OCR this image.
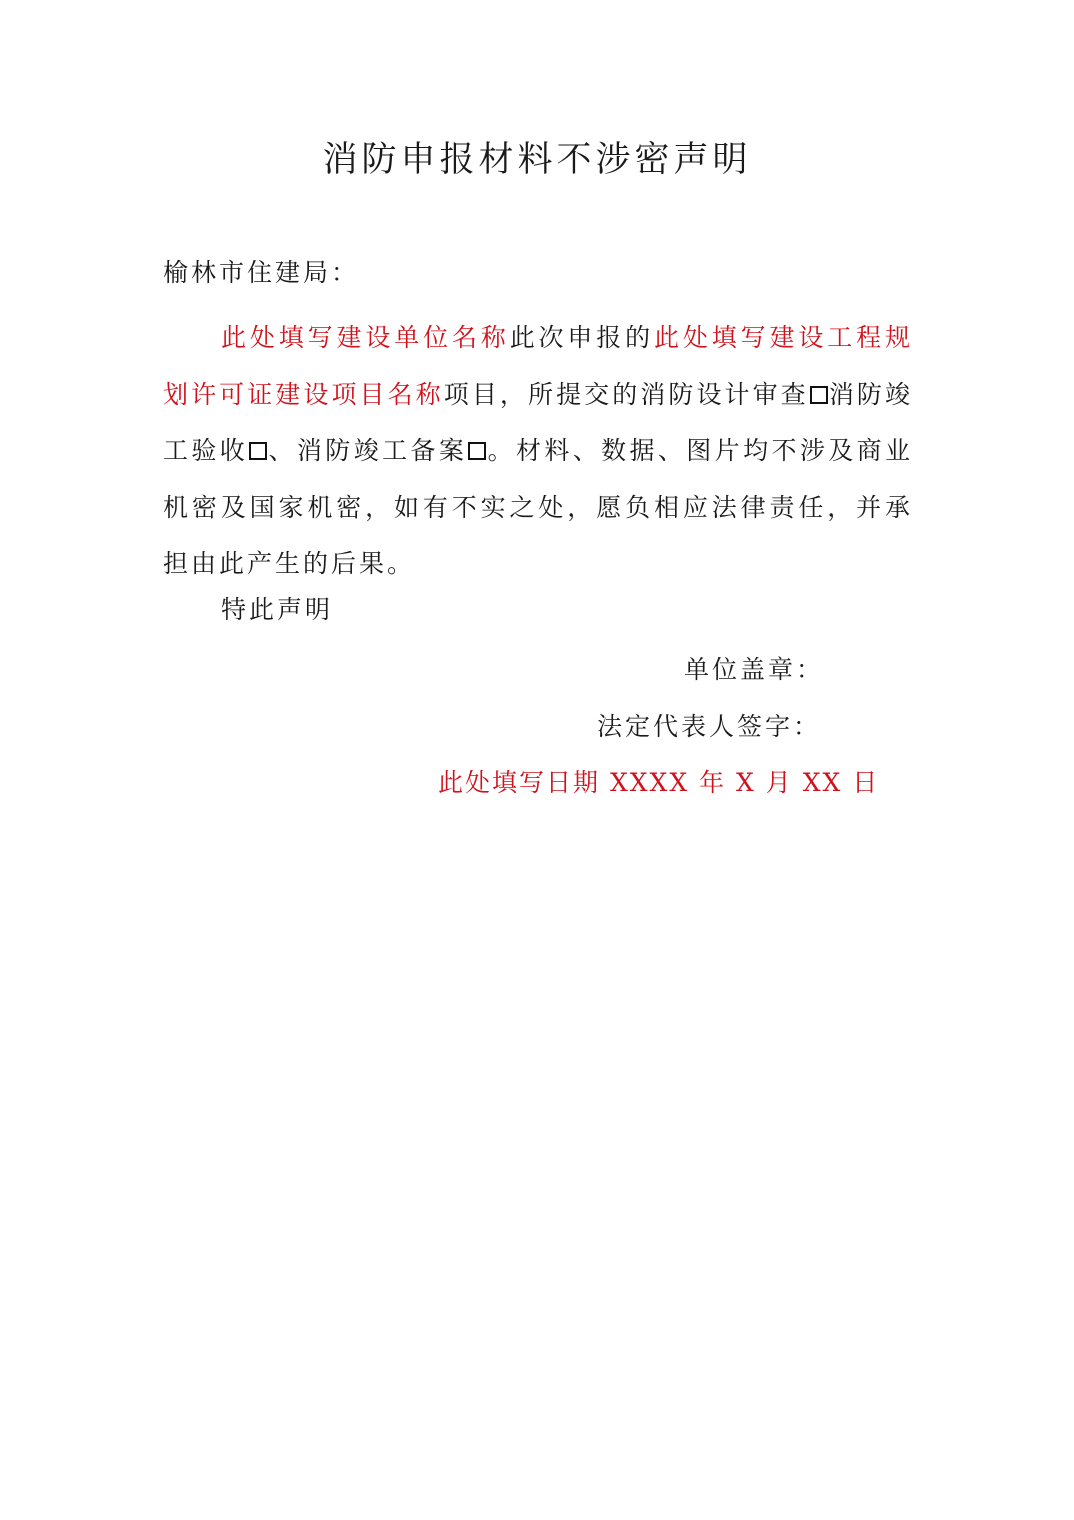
消防申报材料不涉密声明
榆林市住建局：

此处填写建设单位名称此次申报的此处填写建设工程规划许可证建设项目名称项目，所提交的消防设计审查 消防竣工验收 、消防竣工备案 。材料、数据、图片均不涉及商业机密及国家机密，如有不实之处，愿负相应法律责任，并承担由此产生的后果。

特此声明
单位盖章：
法定代表人签字：
此处填写日期 XXXX 年 X 月 XX 日
